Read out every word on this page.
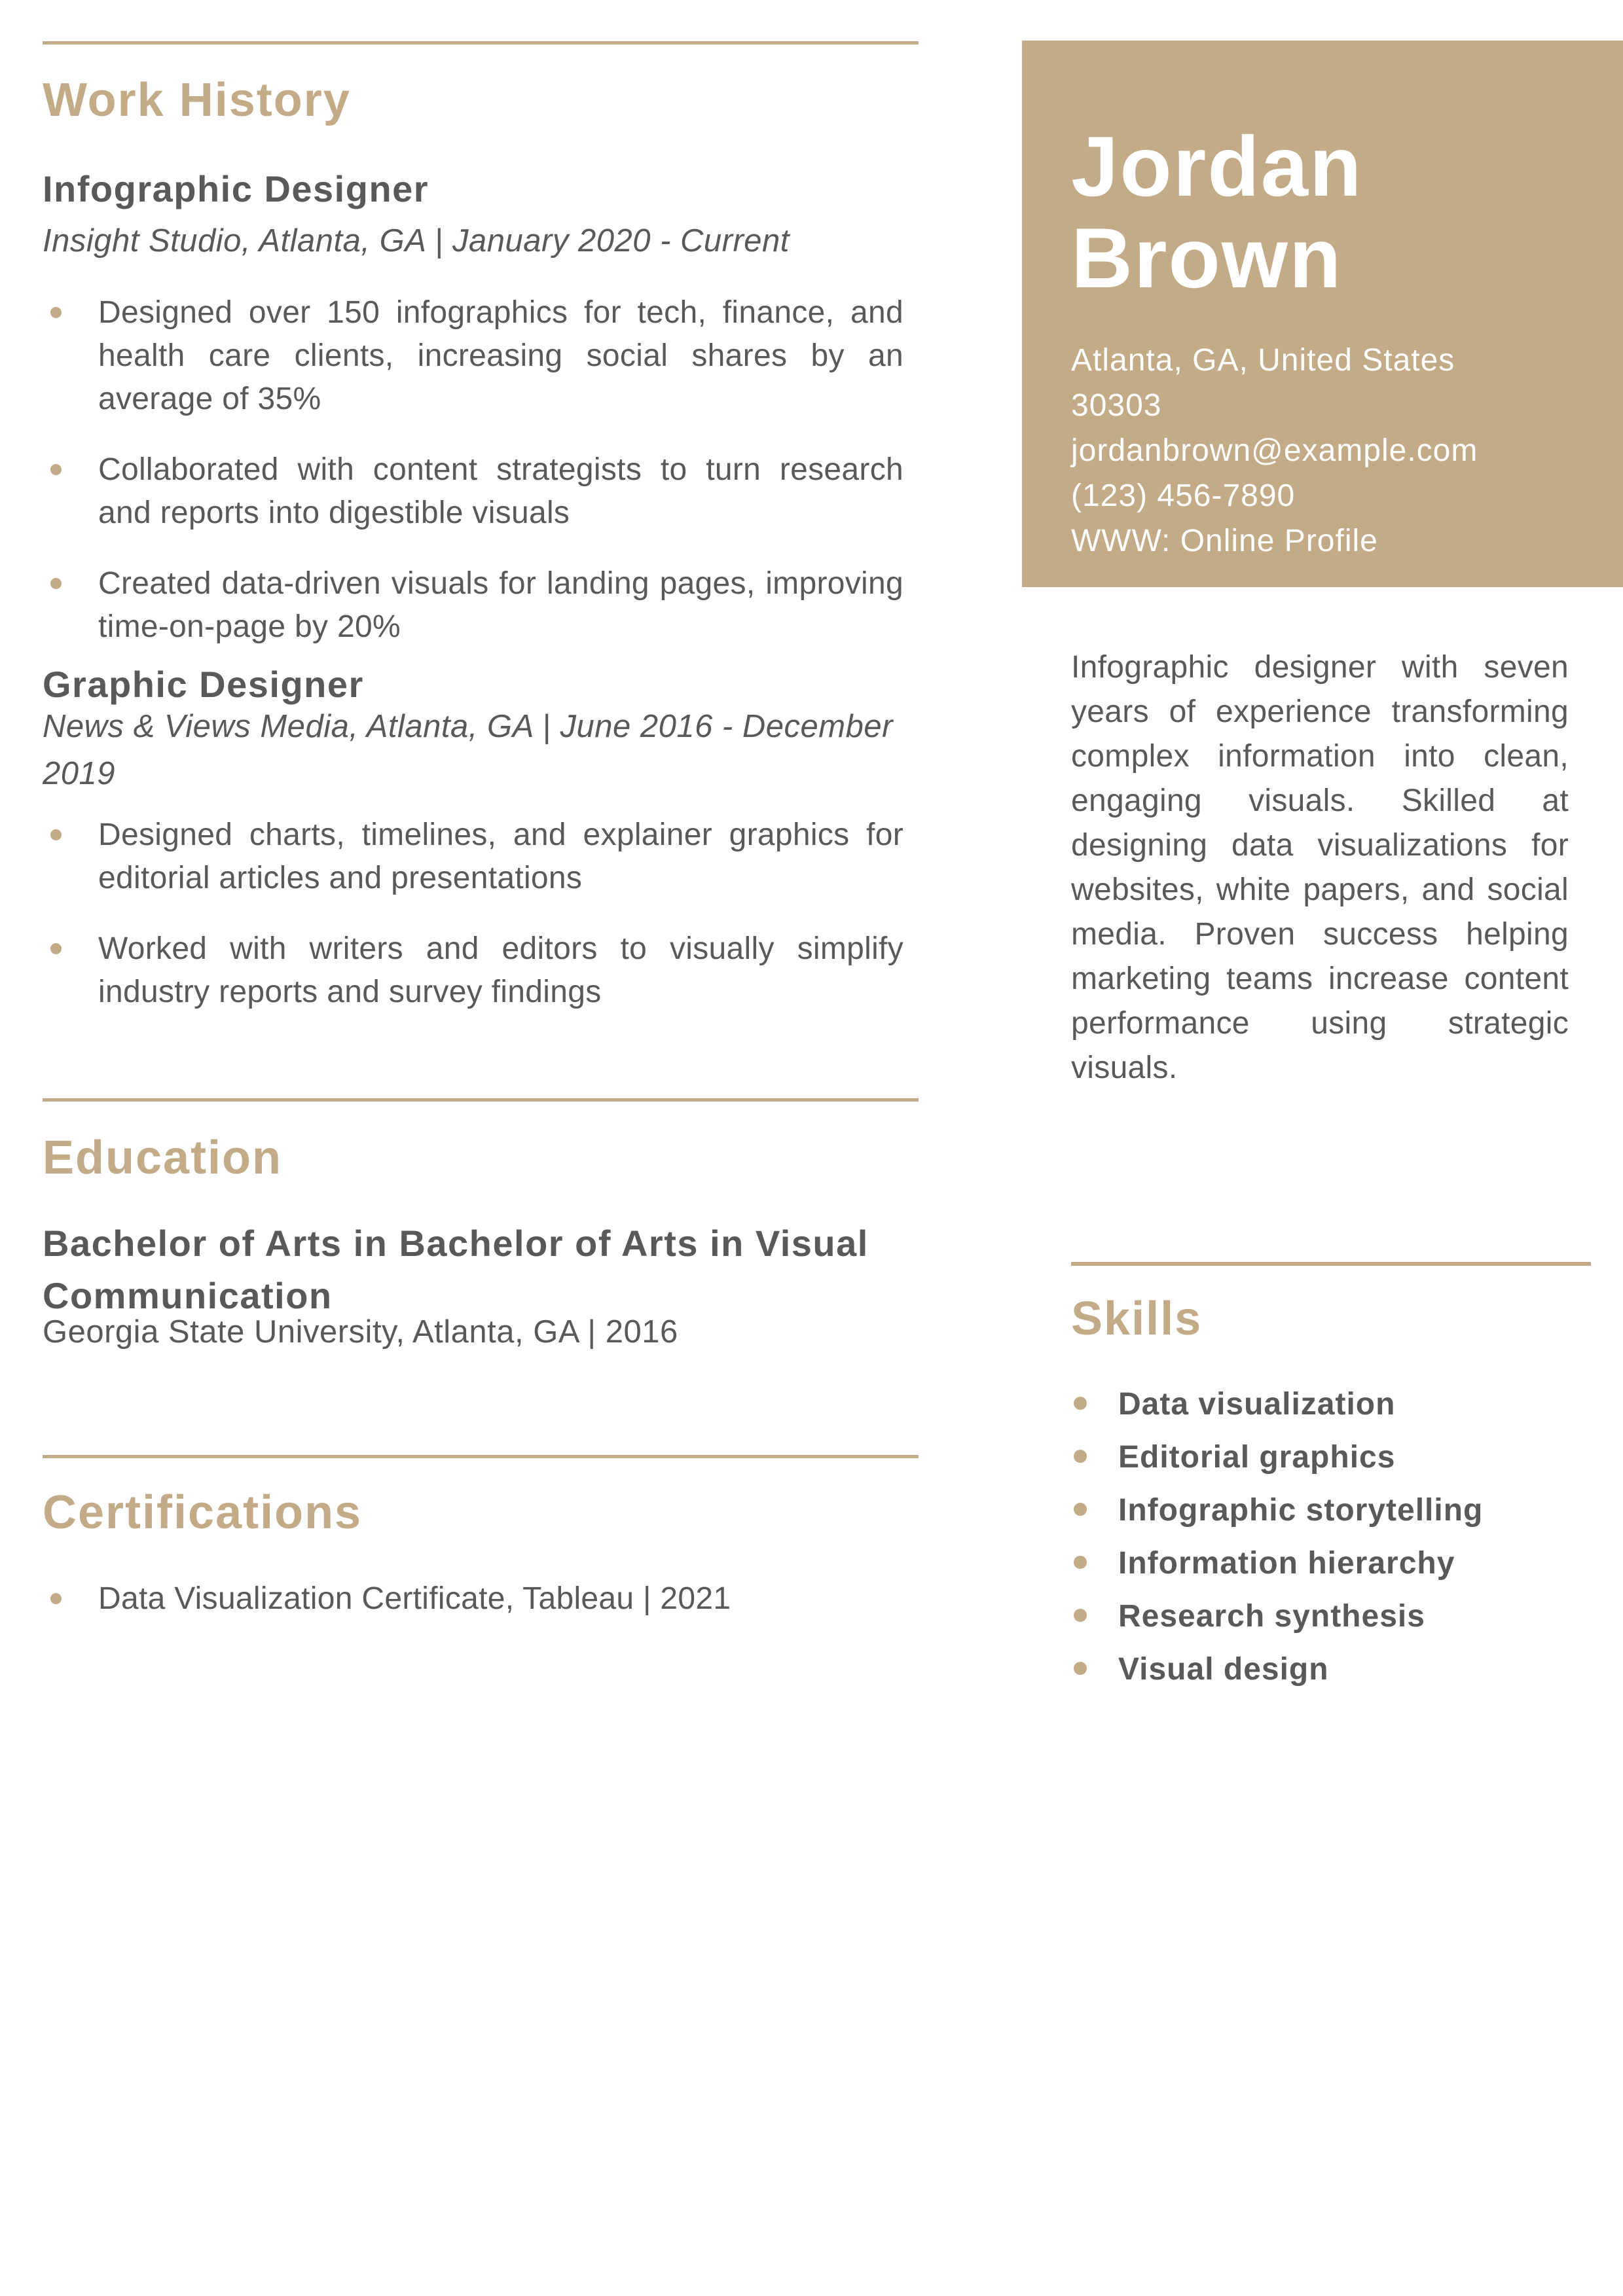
Work History
Infographic Designer

Insight Studio, Atlanta, GA | January 2020 - Current

Designed over 150 infographics for tech, finance, and health care clients, increasing social shares by an average of 35%
Collaborated with content strategists to turn research and reports into digestible visuals
Created data-driven visuals for landing pages, improving time-on-page by 20%
Graphic Designer

News & Views Media, Atlanta, GA | June 2016 - December 2019

Designed charts, timelines, and explainer graphics for editorial articles and presentations
Worked with writers and editors to visually simplify industry reports and survey findings
Education
Bachelor of Arts in Bachelor of Arts in Visual Communication

Georgia State University, Atlanta, GA | 2016

Certifications
Data Visualization Certificate, Tableau | 2021
Jordan
Brown
Atlanta, GA, United States
30303
jordanbrown@example.com
(123) 456-7890
WWW: Online Profile

Infographic designer with seven years of experience transforming complex information into clean, engaging visuals. Skilled at designing data visualizations for websites, white papers, and social media. Proven success helping marketing teams increase content performance using strategic visuals.

Skills
Data visualization
Editorial graphics
Infographic storytelling
Information hierarchy
Research synthesis
Visual design
